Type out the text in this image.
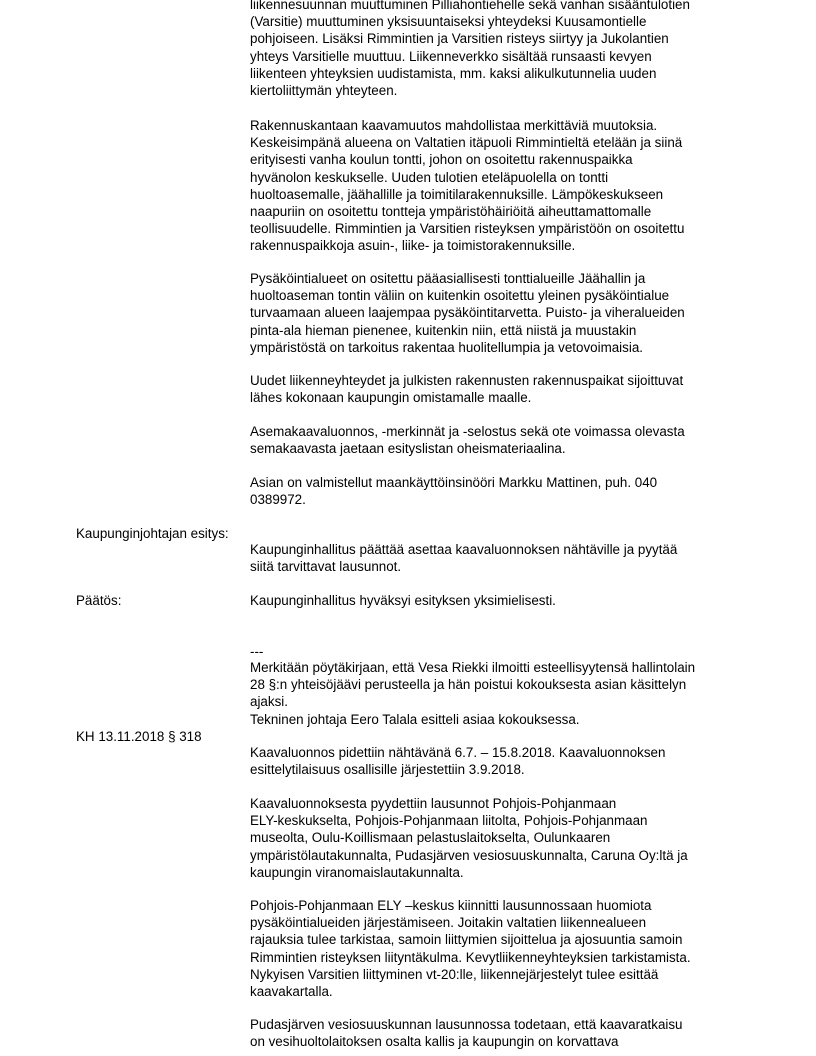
liikennesuunnan muuttuminen Pilliahontiehelle sekä vanhan sisääntulotien
(Varsitie) muuttuminen yksisuuntaiseksi yhteydeksi Kuusamontielle
pohjoiseen. Lisäksi Rimmintien ja Varsitien risteys siirtyy ja Jukolantien
yhteys Varsitielle muuttuu. Liikenneverkko sisältää runsaasti kevyen
liikenteen yhteyksien uudistamista, mm. kaksi alikulkutunnelia uuden
kiertoliittymän yhteyteen.
Rakennuskantaan kaavamuutos mahdollistaa merkittäviä muutoksia.
Keskeisimpänä alueena on Valtatien itäpuoli Rimmintieltä etelään ja siinä
erityisesti vanha koulun tontti, johon on osoitettu rakennuspaikka
hyvänolon keskukselle. Uuden tulotien eteläpuolella on tontti
huoltoasemalle, jäähallille ja toimitilarakennuksille. Lämpökeskukseen
naapuriin on osoitettu tontteja ympäristöhäiriöitä aiheuttamattomalle
teollisuudelle. Rimmintien ja Varsitien risteyksen ympäristöön on osoitettu
rakennuspaikkoja asuin-, liike- ja toimistorakennuksille.
Pysäköintialueet on ositettu pääasiallisesti tonttialueille Jäähallin ja
huoltoaseman tontin väliin on kuitenkin osoitettu yleinen pysäköintialue
turvaamaan alueen laajempaa pysäköintitarvetta. Puisto- ja viheralueiden
pinta-ala hieman pienenee, kuitenkin niin, että niistä ja muustakin
ympäristöstä on tarkoitus rakentaa huolitellumpia ja vetovoimaisia.
Uudet liikenneyhteydet ja julkisten rakennusten rakennuspaikat sijoittuvat
lähes kokonaan kaupungin omistamalle maalle.
Asemakaavaluonnos, -merkinnät ja -selostus sekä ote voimassa olevasta
semakaavasta jaetaan esityslistan oheismateriaalina.
Asian on valmistellut maankäyttöinsinööri Markku Mattinen, puh. 040
0389972.
Kaupunginjohtajan esitys:
Kaupunginhallitus päättää asettaa kaavaluonnoksen nähtäville ja pyytää
siitä tarvittavat lausunnot.
Päätös:	Kaupunginhallitus hyväksyi esityksen yksimielisesti.
---
Merkitään pöytäkirjaan, että Vesa Riekki ilmoitti esteellisyytensä hallintolain
28 §:n yhteisöjäävi perusteella ja hän poistui kokouksesta asian käsittelyn
ajaksi.
Tekninen johtaja Eero Talala esitteli asiaa kokouksessa.
KH 13.11.2018 § 318
Kaavaluonnos pidettiin nähtävänä 6.7. – 15.8.2018. Kaavaluonnoksen
esittelytilaisuus osallisille järjestettiin 3.9.2018.
Kaavaluonnoksesta pyydettiin lausunnot Pohjois-Pohjanmaan
ELY-keskukselta, Pohjois-Pohjanmaan liitolta, Pohjois-Pohjanmaan
museolta, Oulu-Koillismaan pelastuslaitokselta, Oulunkaaren
ympäristölautakunnalta, Pudasjärven vesiosuuskunnalta, Caruna Oy:ltä ja
kaupungin viranomaislautakunnalta.
Pohjois-Pohjanmaan ELY –keskus kiinnitti lausunnossaan huomiota
pysäköintialueiden järjestämiseen. Joitakin valtatien liikennealueen
rajauksia tulee tarkistaa, samoin liittymien sijoittelua ja ajosuuntia samoin
Rimmintien risteyksen liityntäkulma. Kevytliikenneyhteyksien tarkistamista.
Nykyisen Varsitien liittyminen vt-20:lle, liikennejärjestelyt tulee esittää
kaavakartalla.
Pudasjärven vesiosuuskunnan lausunnossa todetaan, että kaavaratkaisu
on vesihuoltolaitoksen osalta kallis ja kaupungin on korvattava
